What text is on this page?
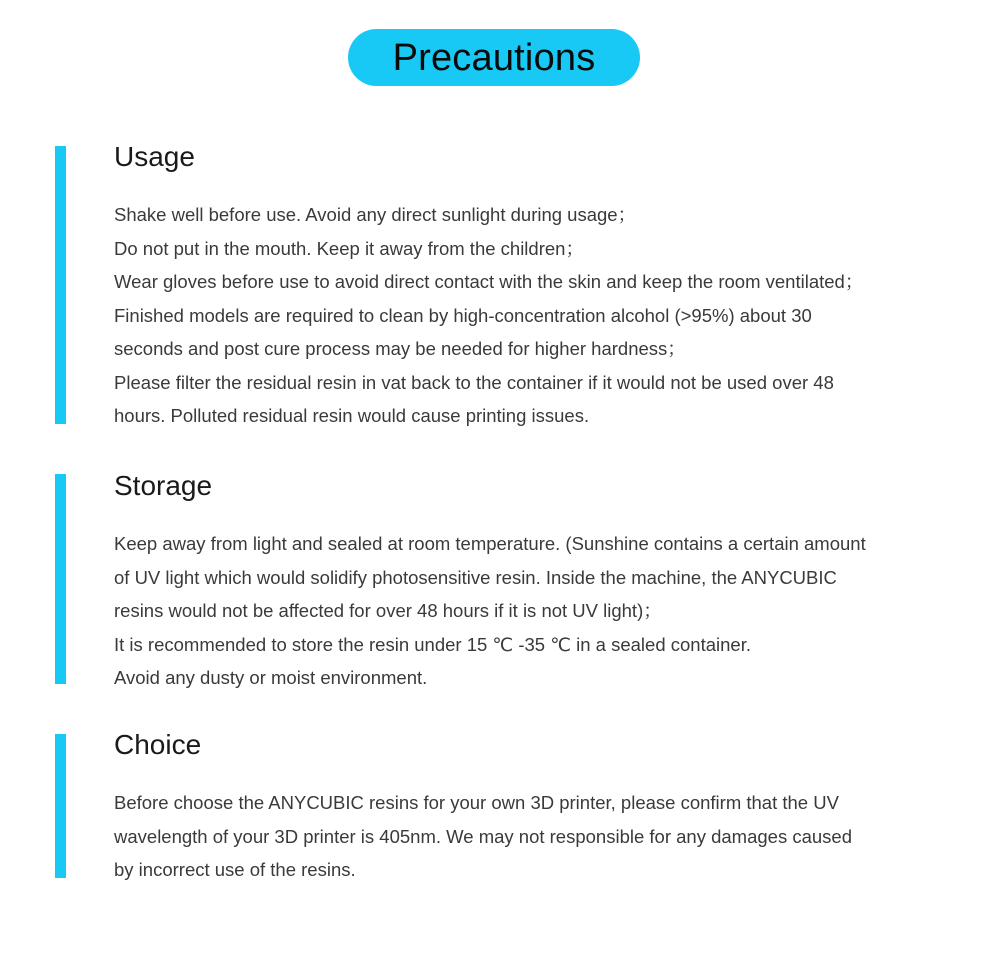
Precautions
Usage

Shake well before use. Avoid any direct sunlight during usage；
Do not put in the mouth. Keep it away from the children；
Wear gloves before use to avoid direct contact with the skin and keep the room ventilated；
Finished models are required to clean by high-concentration alcohol (>95%) about 30
seconds and post cure process may be needed for higher hardness；
Please filter the residual resin in vat back to the container if it would not be used over 48
hours. Polluted residual resin would cause printing issues.

Storage

Keep away from light and sealed at room temperature. (Sunshine contains a certain amount
of UV light which would solidify photosensitive resin. Inside the machine, the ANYCUBIC
resins would not be affected for over 48 hours if it is not UV light)；
It is recommended to store the resin under 15 ℃ -35 ℃ in a sealed container.
Avoid any dusty or moist environment.

Choice

Before choose the ANYCUBIC resins for your own 3D printer, please confirm that the UV
wavelength of your 3D printer is 405nm. We may not responsible for any damages caused
by incorrect use of the resins.
